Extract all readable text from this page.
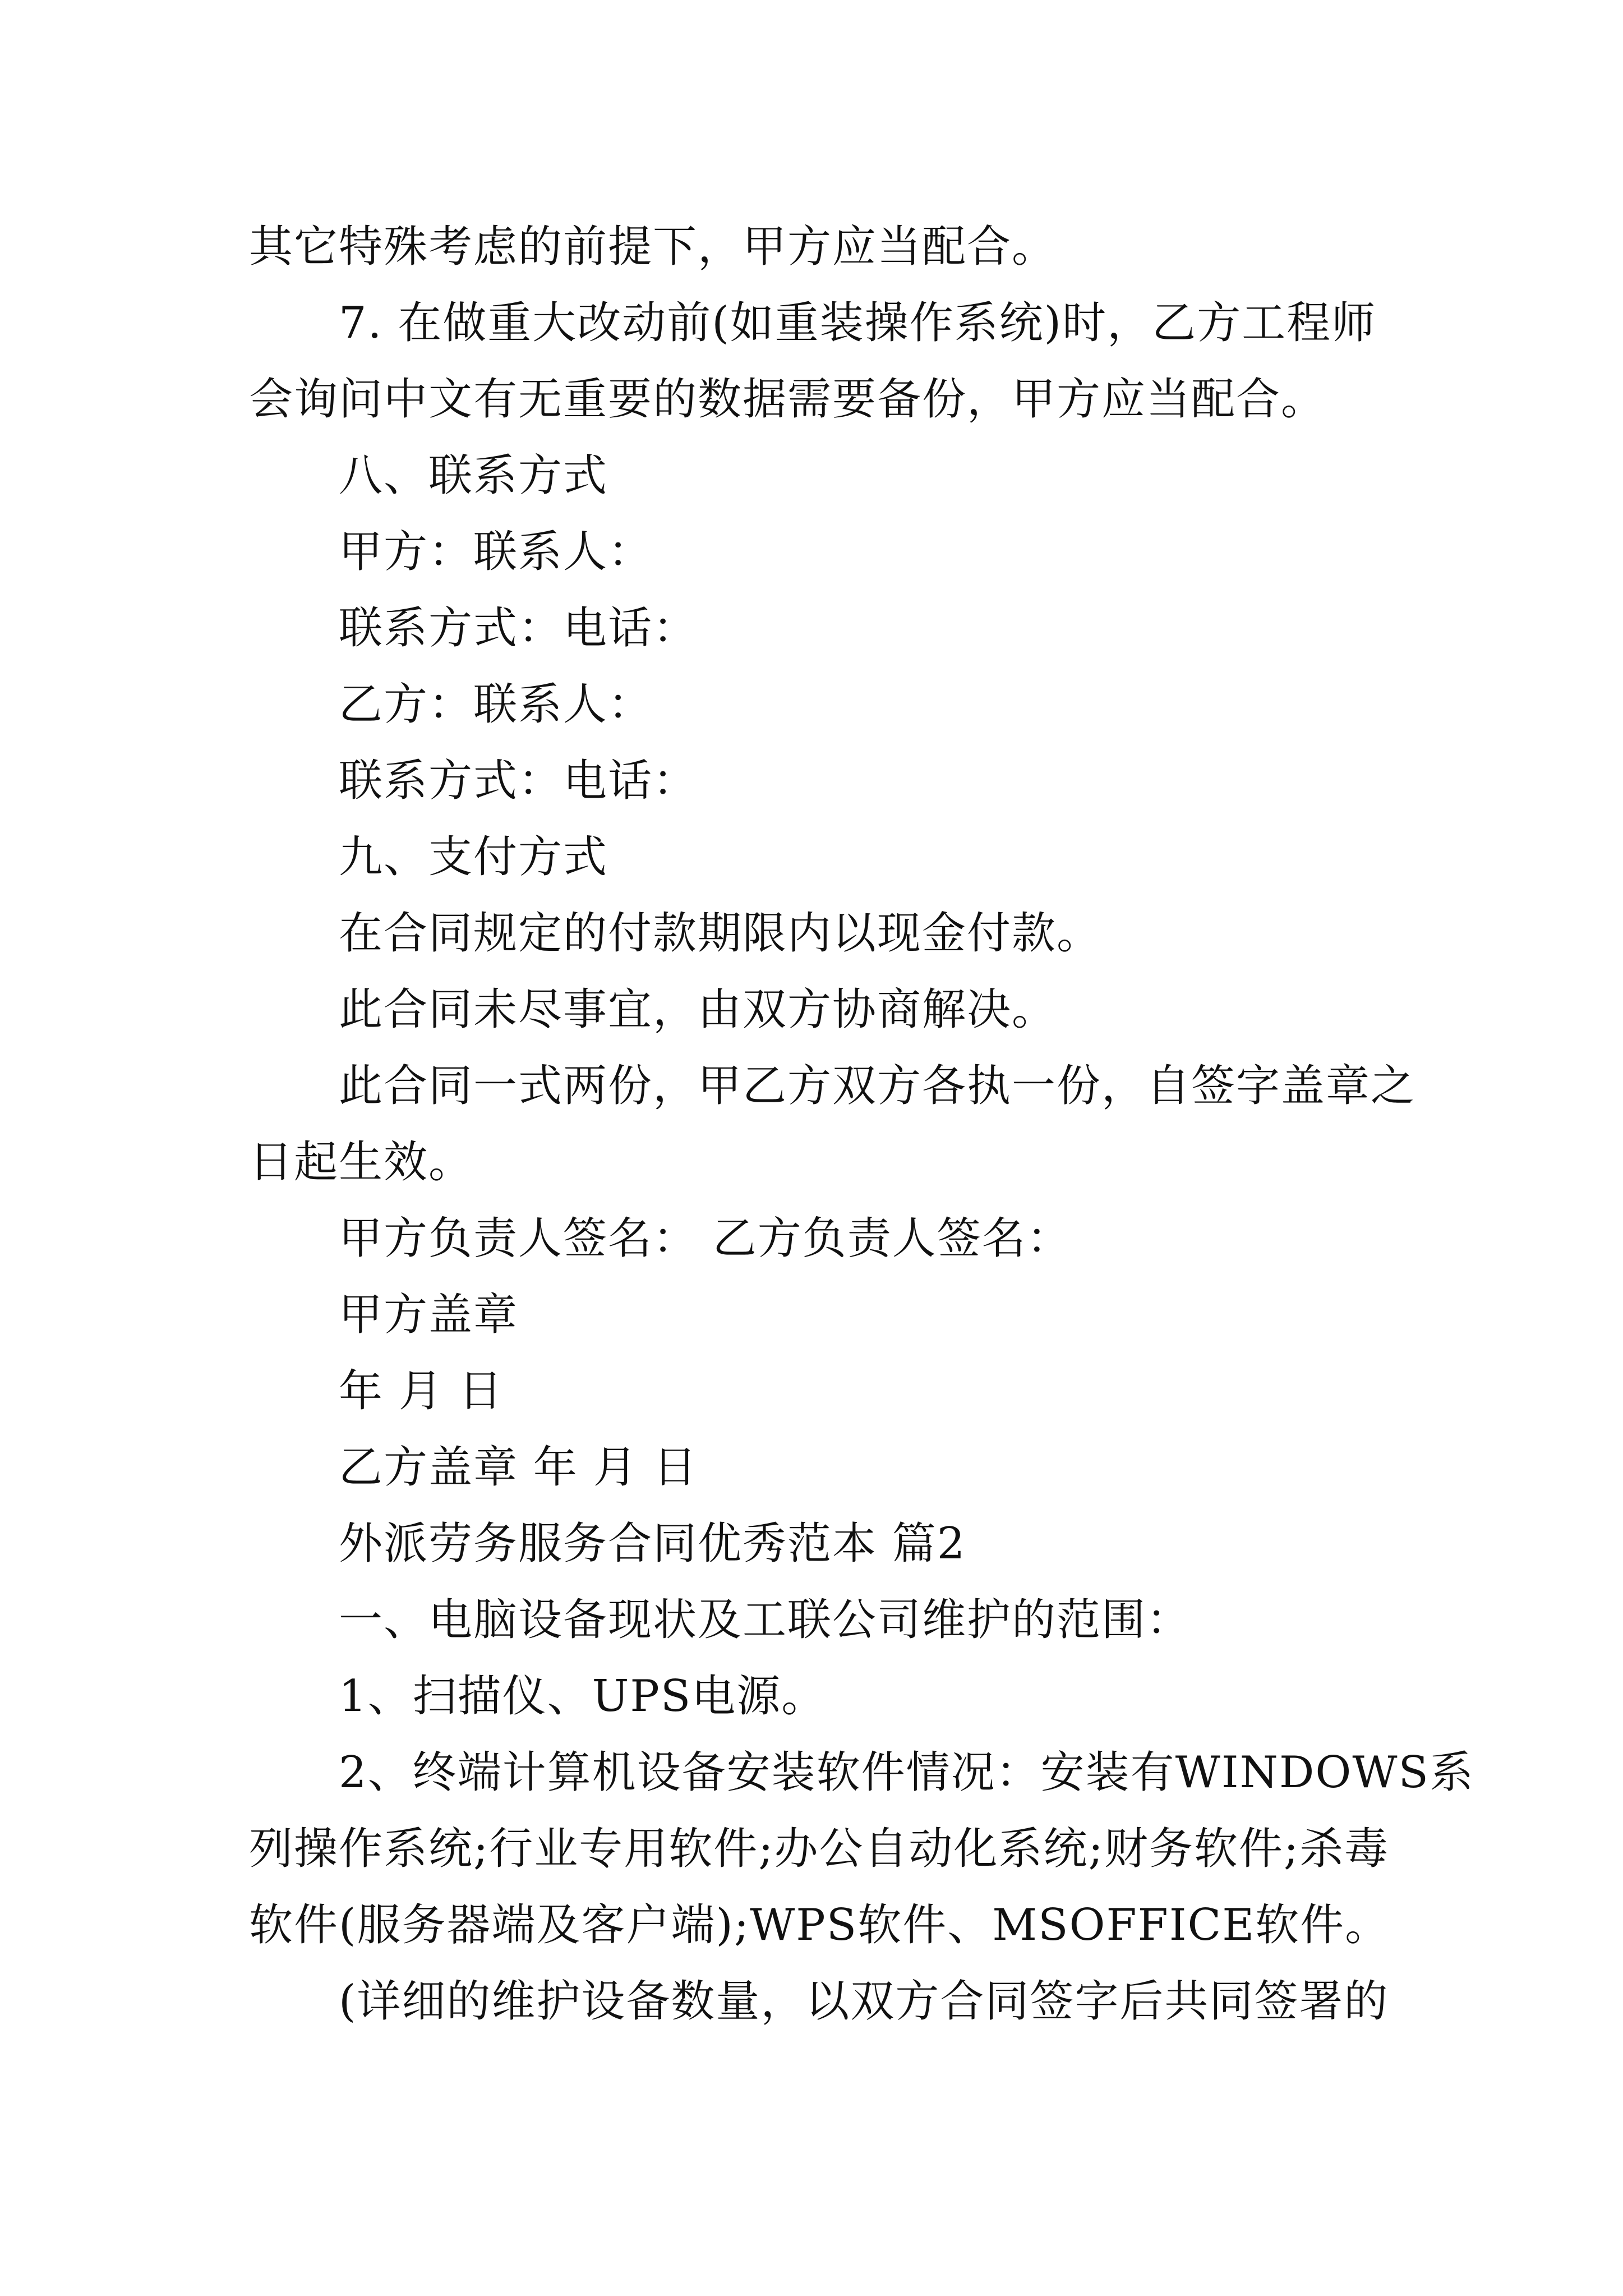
其它特殊考虑的前提下，甲方应当配合。
7. 在做重大改动前(如重装操作系统)时，乙方工程师
会询问中文有无重要的数据需要备份，甲方应当配合。
八、联系方式
甲方：联系人：
联系方式：电话：
乙方：联系人：
联系方式：电话：
九、支付方式
在合同规定的付款期限内以现金付款。
此合同未尽事宜，由双方协商解决。
此合同一式两份，甲乙方双方各执一份，自签字盖章之
日起生效。
甲方负责人签名： 乙方负责人签名：
甲方盖章
年 月 日
乙方盖章 年 月 日
外派劳务服务合同优秀范本 篇2
一、电脑设备现状及工联公司维护的范围：
1、扫描仪、UPS电源。
2、终端计算机设备安装软件情况：安装有WINDOWS系
列操作系统;行业专用软件;办公自动化系统;财务软件;杀毒
软件(服务器端及客户端);WPS软件、MSOFFICE软件。
(详细的维护设备数量，以双方合同签字后共同签署的
